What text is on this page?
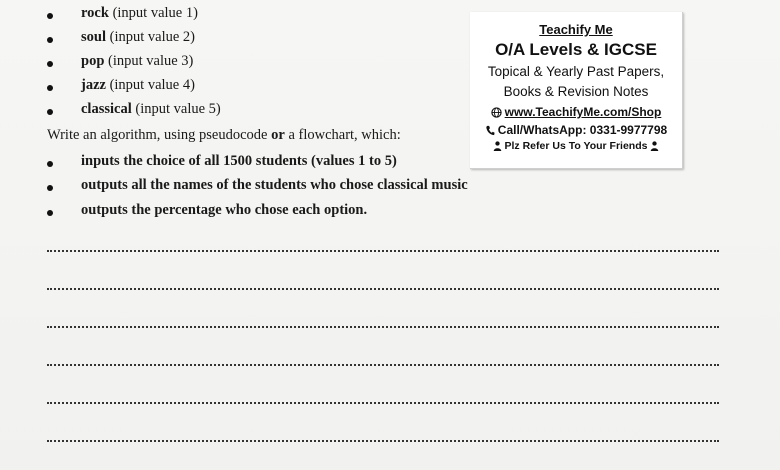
rock (input value 1)
soul (input value 2)
pop (input value 3)
jazz (input value 4)
classical (input value 5)
Write an algorithm, using pseudocode or a flowchart, which:
inputs the choice of all 1500 students (values 1 to 5)
outputs all the names of the students who chose classical music
outputs the percentage who chose each option.
Teachify Me
O/A Levels & IGCSE
Topical & Yearly Past Papers,
Books & Revision Notes
www.TeachifyMe.com/Shop
Call/WhatsApp: 0331-9977798
Plz Refer Us To Your Friends
